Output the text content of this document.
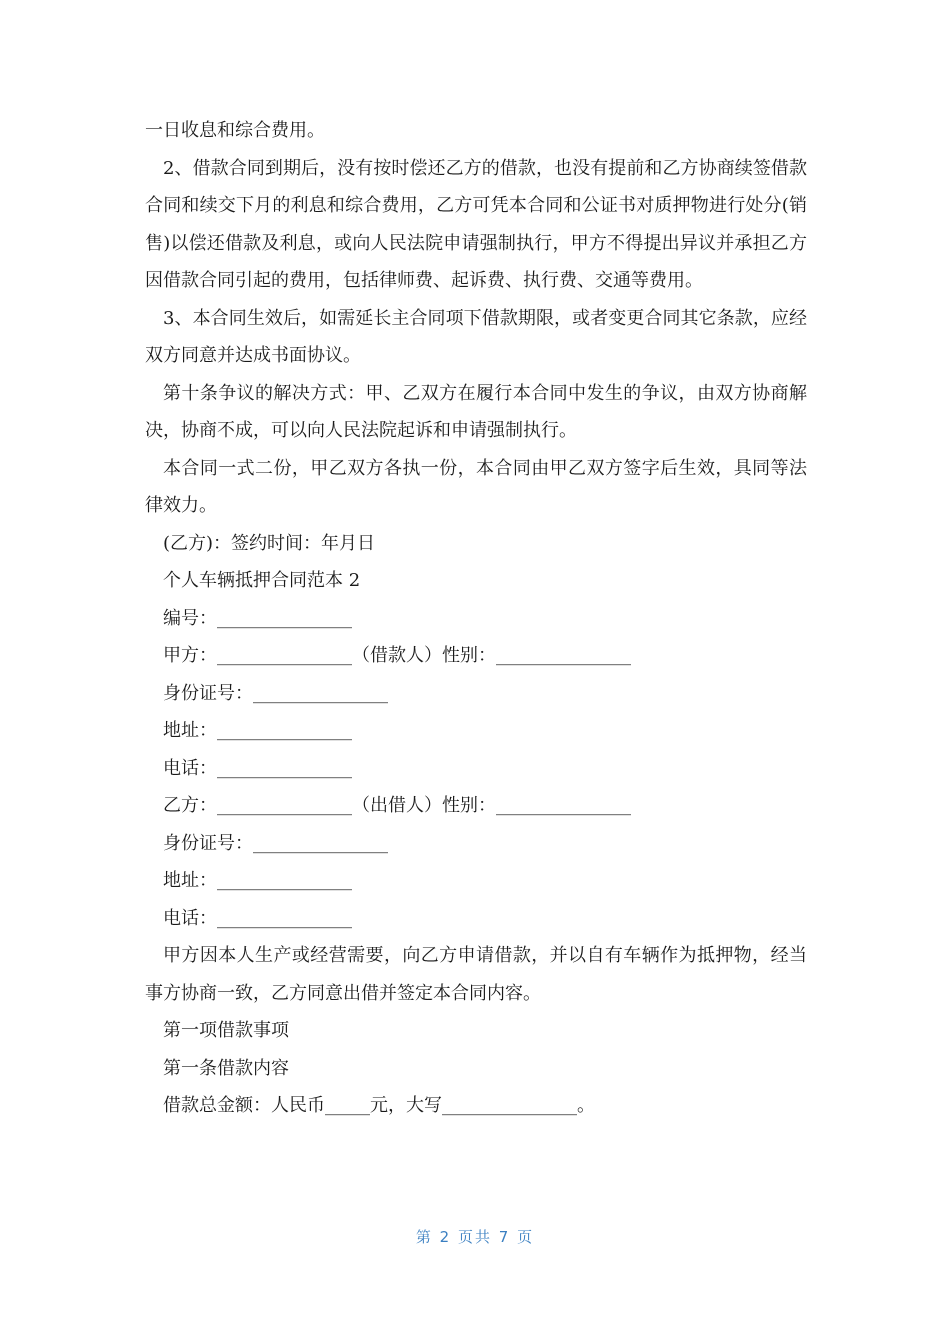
一日收息和综合费用。

2、借款合同到期后，没有按时偿还乙方的借款，也没有提前和乙方协商续签借款合同和续交下月的利息和综合费用，乙方可凭本合同和公证书对质押物进行处分(销售)以偿还借款及利息，或向人民法院申请强制执行，甲方不得提出异议并承担乙方因借款合同引起的费用，包括律师费、起诉费、执行费、交通等费用。

3、本合同生效后，如需延长主合同项下借款期限，或者变更合同其它条款，应经双方同意并达成书面协议。

第十条争议的解决方式：甲、乙双方在履行本合同中发生的争议，由双方协商解决，协商不成，可以向人民法院起诉和申请强制执行。

本合同一式二份，甲乙双方各执一份，本合同由甲乙双方签字后生效，具同等法律效力。

(乙方)：签约时间：年月日

个人车辆抵押合同范本 2

编号：_______________

甲方：_______________（借款人）性别：_______________

身份证号：_______________

地址：_______________

电话：_______________

乙方：_______________（出借人）性别：_______________

身份证号：_______________

地址：_______________

电话：_______________

甲方因本人生产或经营需要，向乙方申请借款，并以自有车辆作为抵押物，经当事方协商一致，乙方同意出借并签定本合同内容。

第一项借款事项

第一条借款内容

借款总金额：人民币_____元，大写_______________。

第 2 页共 7 页
